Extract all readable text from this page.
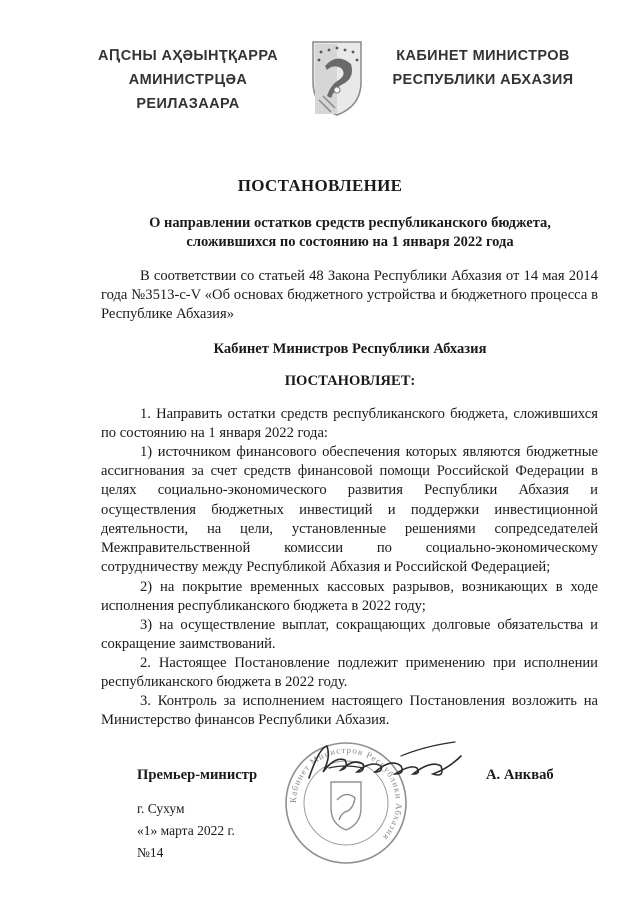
АԤСНЫ АҲӘЫНҬҚАРРА
АМИНИСТРЦӘА РЕИЛАЗААРА
КАБИНЕТ МИНИСТРОВ
РЕСПУБЛИКИ АБХАЗИЯ
ПОСТАНОВЛЕНИЕ
О направлении остатков средств республиканского бюджета,
сложившихся по состоянию на 1 января 2022 года
В соответствии со статьей 48 Закона Республики Абхазия от 14 мая 2014 года №3513-с-V «Об основах бюджетного устройства и бюджетного процесса в Республике Абхазия»
Кабинет Министров Республики Абхазия
ПОСТАНОВЛЯЕТ:
1. Направить остатки средств республиканского бюджета, сложившихся по состоянию на 1 января 2022 года:
1) источником финансового обеспечения которых являются бюджетные ассигнования за счет средств финансовой помощи Российской Федерации в целях социально-экономического развития Республики Абхазия и осуществления бюджетных инвестиций и поддержки инвестиционной деятельности, на цели, установленные решениями сопредседателей Межправительственной комиссии по социально-экономическому сотрудничеству между Республикой Абхазия и Российской Федерацией;
2) на покрытие временных кассовых разрывов, возникающих в ходе исполнения республиканского бюджета в 2022 году;
3) на осуществление выплат, сокращающих долговые обязательства и сокращение заимствований.
2. Настоящее Постановление подлежит применению при исполнении республиканского бюджета в 2022 году.
3. Контроль за исполнением настоящего Постановления возложить на Министерство финансов Республики Абхазия.
Кабинет Министров Республики Абхазия
Премьер-министр	А. Анкваб
г. Сухум
«1» марта 2022 г.
№14
